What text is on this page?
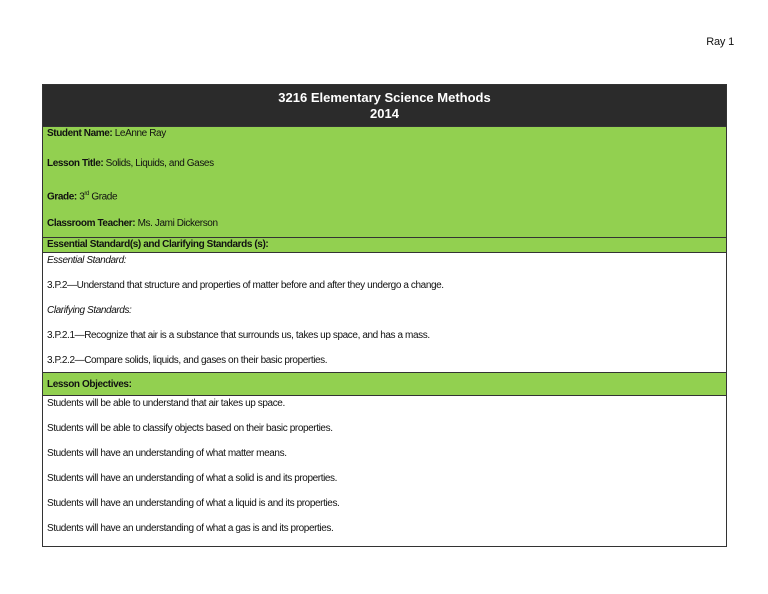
Ray 1
3216 Elementary Science Methods
2014
Student Name: LeAnne Ray
Lesson Title: Solids, Liquids, and Gases
Grade: 3rd Grade
Classroom Teacher: Ms. Jami Dickerson
Essential Standard(s) and Clarifying Standards (s):
Essential Standard:
3.P.2—Understand that structure and properties of matter before and after they undergo a change.
Clarifying Standards:
3.P.2.1—Recognize that air is a substance that surrounds us, takes up space, and has a mass.
3.P.2.2—Compare solids, liquids, and gases on their basic properties.
Lesson Objectives:
Students will be able to understand that air takes up space.
Students will be able to classify objects based on their basic properties.
Students will have an understanding of what matter means.
Students will have an understanding of what a solid is and its properties.
Students will have an understanding of what a liquid is and its properties.
Students will have an understanding of what a gas is and its properties.
